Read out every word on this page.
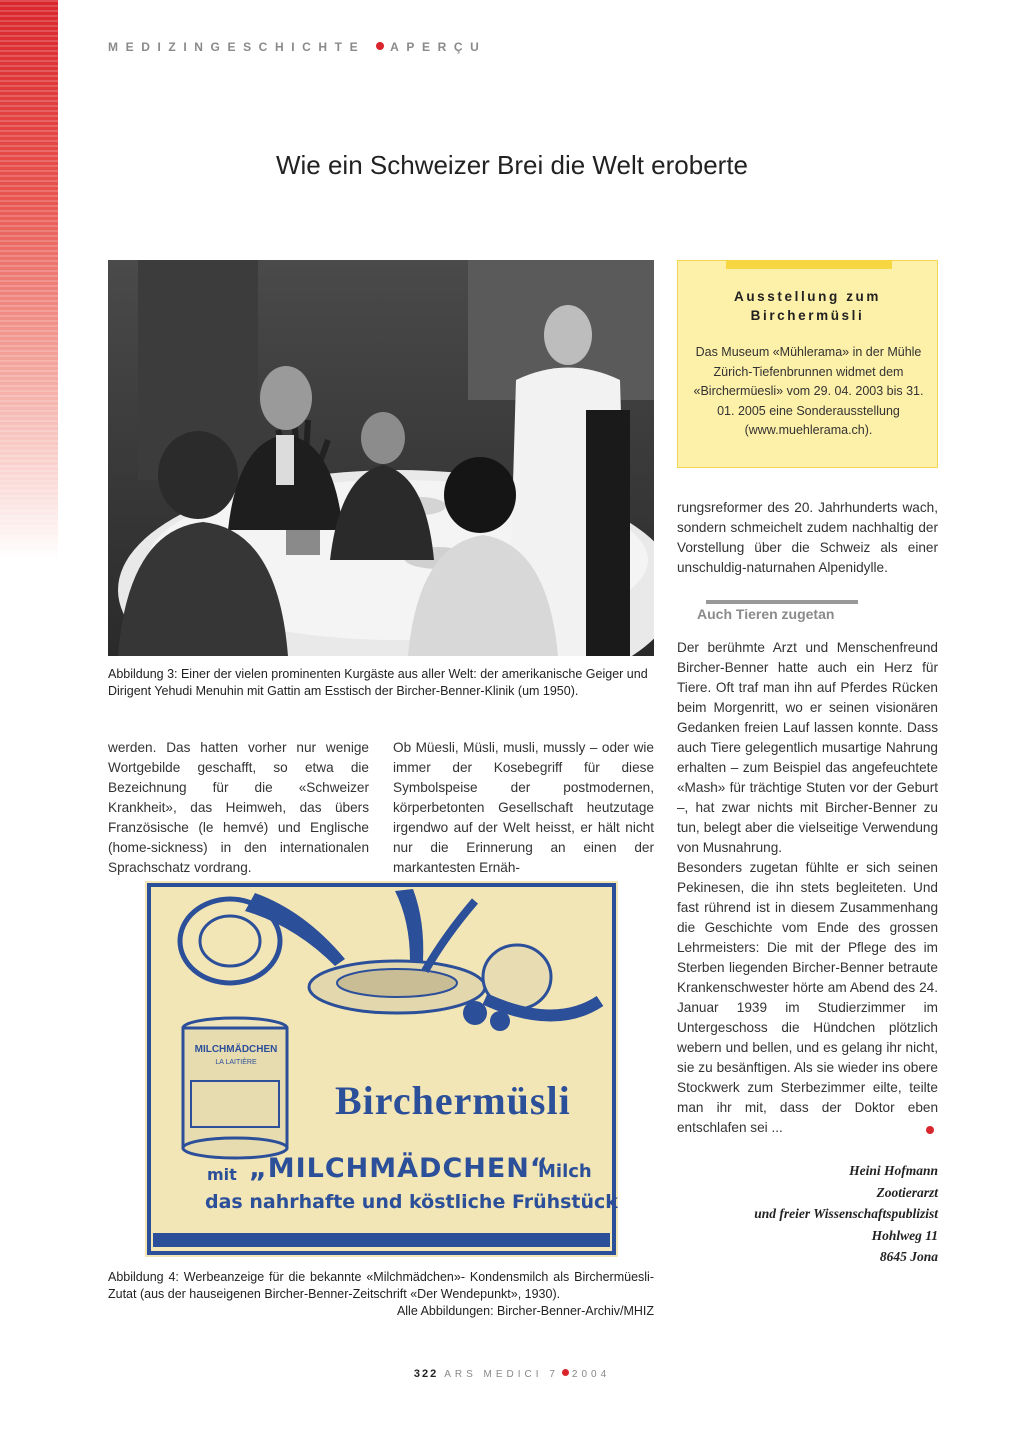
MEDIZINGESCHICHTE APERÇU

Wie ein Schweizer Brei die Welt eroberte

Abbildung 3: Einer der vielen prominenten Kurgäste aus aller Welt: der amerikanische Geiger und Dirigent Yehudi Menuhin mit Gattin am Esstisch der Bircher-Benner-Klinik (um 1950).

Ausstellung zum
Birchermüsli

Das Museum «Mühlerama» in der Mühle Zürich-Tiefenbrunnen widmet dem «Birchermüesli» vom 29. 04. 2003 bis 31. 01. 2005 eine Sonderausstellung (www.muehlerama.ch).

rungsreformer des 20. Jahrhunderts wach, sondern schmeichelt zudem nachhaltig der Vorstellung über die Schweiz als einer unschuldig-naturnahen Alpenidylle.

Auch Tieren zugetan

Der berühmte Arzt und Menschenfreund Bircher-Benner hatte auch ein Herz für Tiere. Oft traf man ihn auf Pferdes Rücken beim Morgenritt, wo er seinen visionären Gedanken freien Lauf lassen konnte. Dass auch Tiere gelegentlich musartige Nahrung erhalten – zum Beispiel das angefeuchtete «Mash» für trächtige Stuten vor der Geburt –, hat zwar nichts mit Bircher-Benner zu tun, belegt aber die vielseitige Verwendung von Musnahrung.

Besonders zugetan fühlte er sich seinen Pekinesen, die ihn stets begleiteten. Und fast rührend ist in diesem Zusammenhang die Geschichte vom Ende des grossen Lehrmeisters: Die mit der Pflege des im Sterben liegenden Bircher-Benner betraute Krankenschwester hörte am Abend des 24. Januar 1939 im Studierzimmer im Untergeschoss die Hündchen plötzlich webern und bellen, und es gelang ihr nicht, sie zu besänftigen. Als sie wieder ins obere Stockwerk zum Sterbezimmer eilte, teilte man ihr mit, dass der Doktor eben entschlafen sei ...

werden. Das hatten vorher nur wenige Wortgebilde geschafft, so etwa die Bezeichnung für die «Schweizer Krankheit», das Heimweh, das übers Französische (le hemvé) und Englische (home-sickness) in den internationalen Sprachschatz vordrang.

Ob Müesli, Müsli, musli, mussly – oder wie immer der Kosebegriff für diese Symbolspeise der postmodernen, körperbetonten Gesellschaft heutzutage irgendwo auf der Welt heisst, er hält nicht nur die Erinnerung an einen der markantesten Ernäh-

Heini Hofmann
Zootierarzt
und freier Wissenschaftspublizist
Hohlweg 11
8645 Jona

MILCHMÄDCHEN
LA LAITIÈRE
Birchermüsli
mit „MILCHMÄDCHEN“
Milch
das nahrhafte und köstliche Frühstück

Abbildung 4: Werbeanzeige für die bekannte «Milchmädchen»- Kondensmilch als Birchermüesli-Zutat (aus der hauseigenen Bircher-Benner-Zeitschrift «Der Wendepunkt», 1930).
Alle Abbildungen: Bircher-Benner-Archiv/MHIZ

322 ARS MEDICI 7 2004
